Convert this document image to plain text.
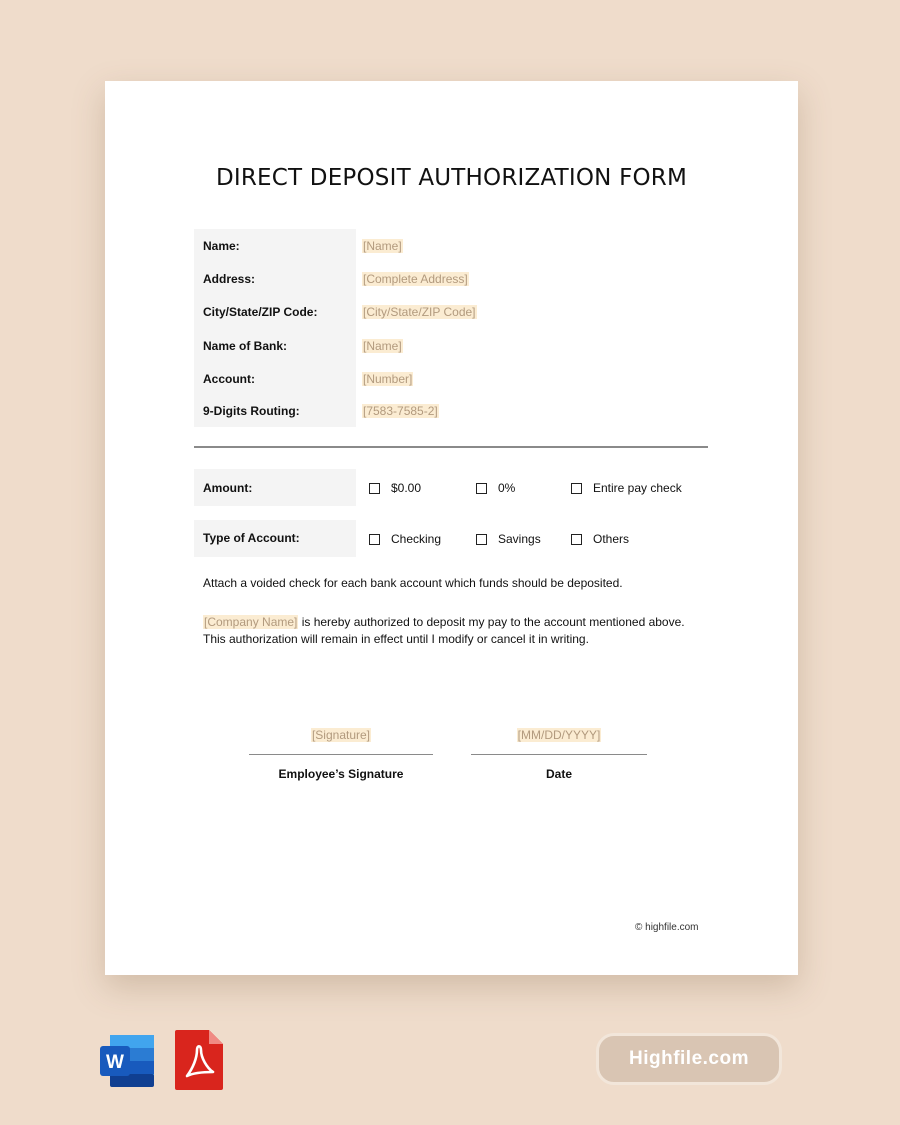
DIRECT DEPOSIT AUTHORIZATION FORM
Name:	[Name]
Address:	[Complete Address]
City/State/ZIP Code:	[City/State/ZIP Code]
Name of Bank:	[Name]
Account:	[Number]
9-Digits Routing:	[7583-7585-2]
Amount:	$0.00	0%	Entire pay check
Type of Account:	Checking	Savings	Others
Attach a voided check for each bank account which funds should be deposited.
[Company Name] is hereby authorized to deposit my pay to the account mentioned above.
This authorization will remain in effect until I modify or cancel it in writing.
[Signature]
Employee’s Signature
[MM/DD/YYYY]
Date
© highfile.com
W	Highfile.com
